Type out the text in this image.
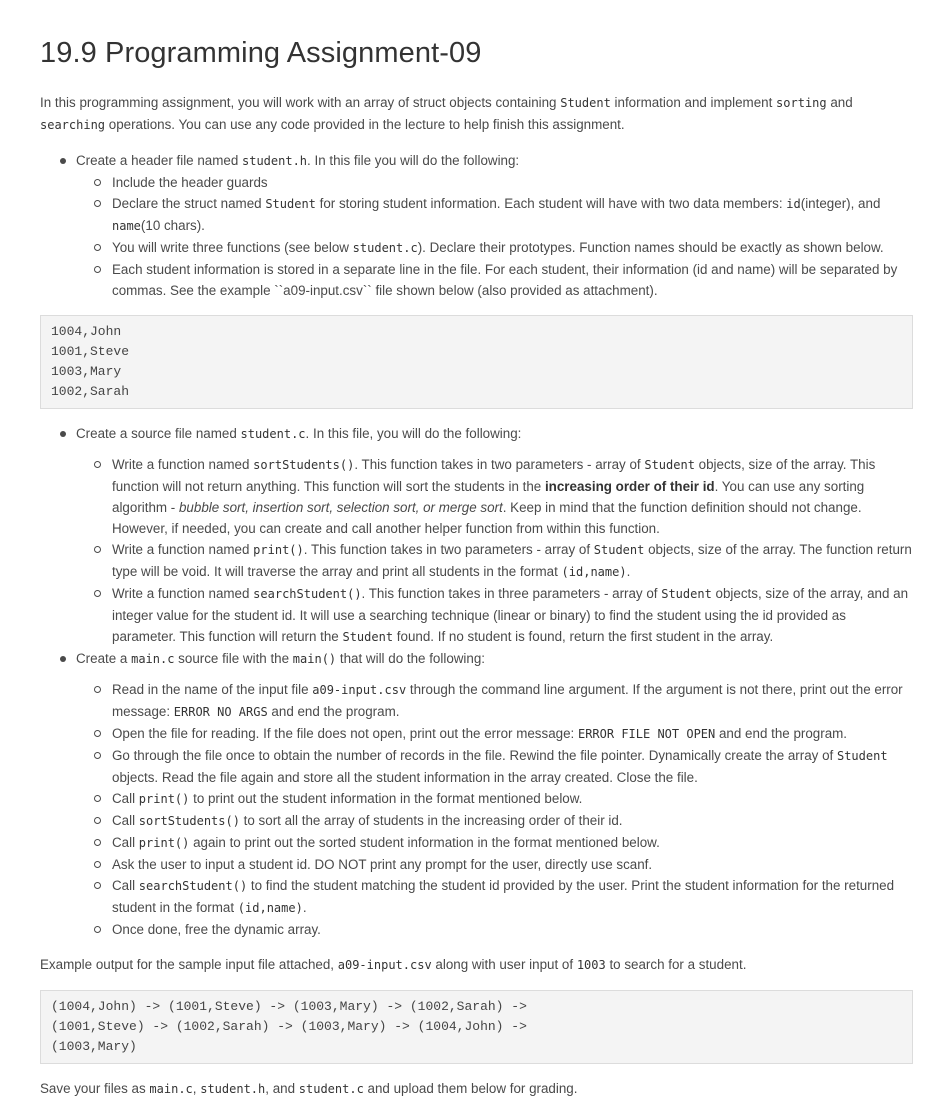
19.9 Programming Assignment-09

In this programming assignment, you will work with an array of struct objects containing Student information and implement sorting and searching operations. You can use any code provided in the lecture to help finish this assignment.

Create a header file named student.h. In this file you will do the following:
Include the header guards
Declare the struct named Student for storing student information. Each student will have with two data members: id(integer), and name(10 chars).
You will write three functions (see below student.c). Declare their prototypes. Function names should be exactly as shown below.
Each student information is stored in a separate line in the file. For each student, their information (id and name) will be separated by commas. See the example ``a09-input.csv`` file shown below (also provided as attachment).
1004,John
1001,Steve
1003,Mary
1002,Sarah
Create a source file named student.c. In this file, you will do the following:
Write a function named sortStudents(). This function takes in two parameters - array of Student objects, size of the array. This function will not return anything. This function will sort the students in the increasing order of their id. You can use any sorting algorithm - bubble sort, insertion sort, selection sort, or merge sort. Keep in mind that the function definition should not change. However, if needed, you can create and call another helper function from within this function.
Write a function named print(). This function takes in two parameters - array of Student objects, size of the array. The function return type will be void. It will traverse the array and print all students in the format (id,name).
Write a function named searchStudent(). This function takes in three parameters - array of Student objects, size of the array, and an integer value for the student id. It will use a searching technique (linear or binary) to find the student using the id provided as parameter. This function will return the Student found. If no student is found, return the first student in the array.
Create a main.c source file with the main() that will do the following:
Read in the name of the input file a09-input.csv through the command line argument. If the argument is not there, print out the error message: ERROR NO ARGS and end the program.
Open the file for reading. If the file does not open, print out the error message: ERROR FILE NOT OPEN and end the program.
Go through the file once to obtain the number of records in the file. Rewind the file pointer. Dynamically create the array of Student objects. Read the file again and store all the student information in the array created. Close the file.
Call print() to print out the student information in the format mentioned below.
Call sortStudents() to sort all the array of students in the increasing order of their id.
Call print() again to print out the sorted student information in the format mentioned below.
Ask the user to input a student id. DO NOT print any prompt for the user, directly use scanf.
Call searchStudent() to find the student matching the student id provided by the user. Print the student information for the returned student in the format (id,name).
Once done, free the dynamic array.

Example output for the sample input file attached, a09-input.csv along with user input of 1003 to search for a student.

(1004,John) -> (1001,Steve) -> (1003,Mary) -> (1002,Sarah) ->
(1001,Steve) -> (1002,Sarah) -> (1003,Mary) -> (1004,John) ->
(1003,Mary)

Save your files as main.c, student.h, and student.c and upload them below for grading.
